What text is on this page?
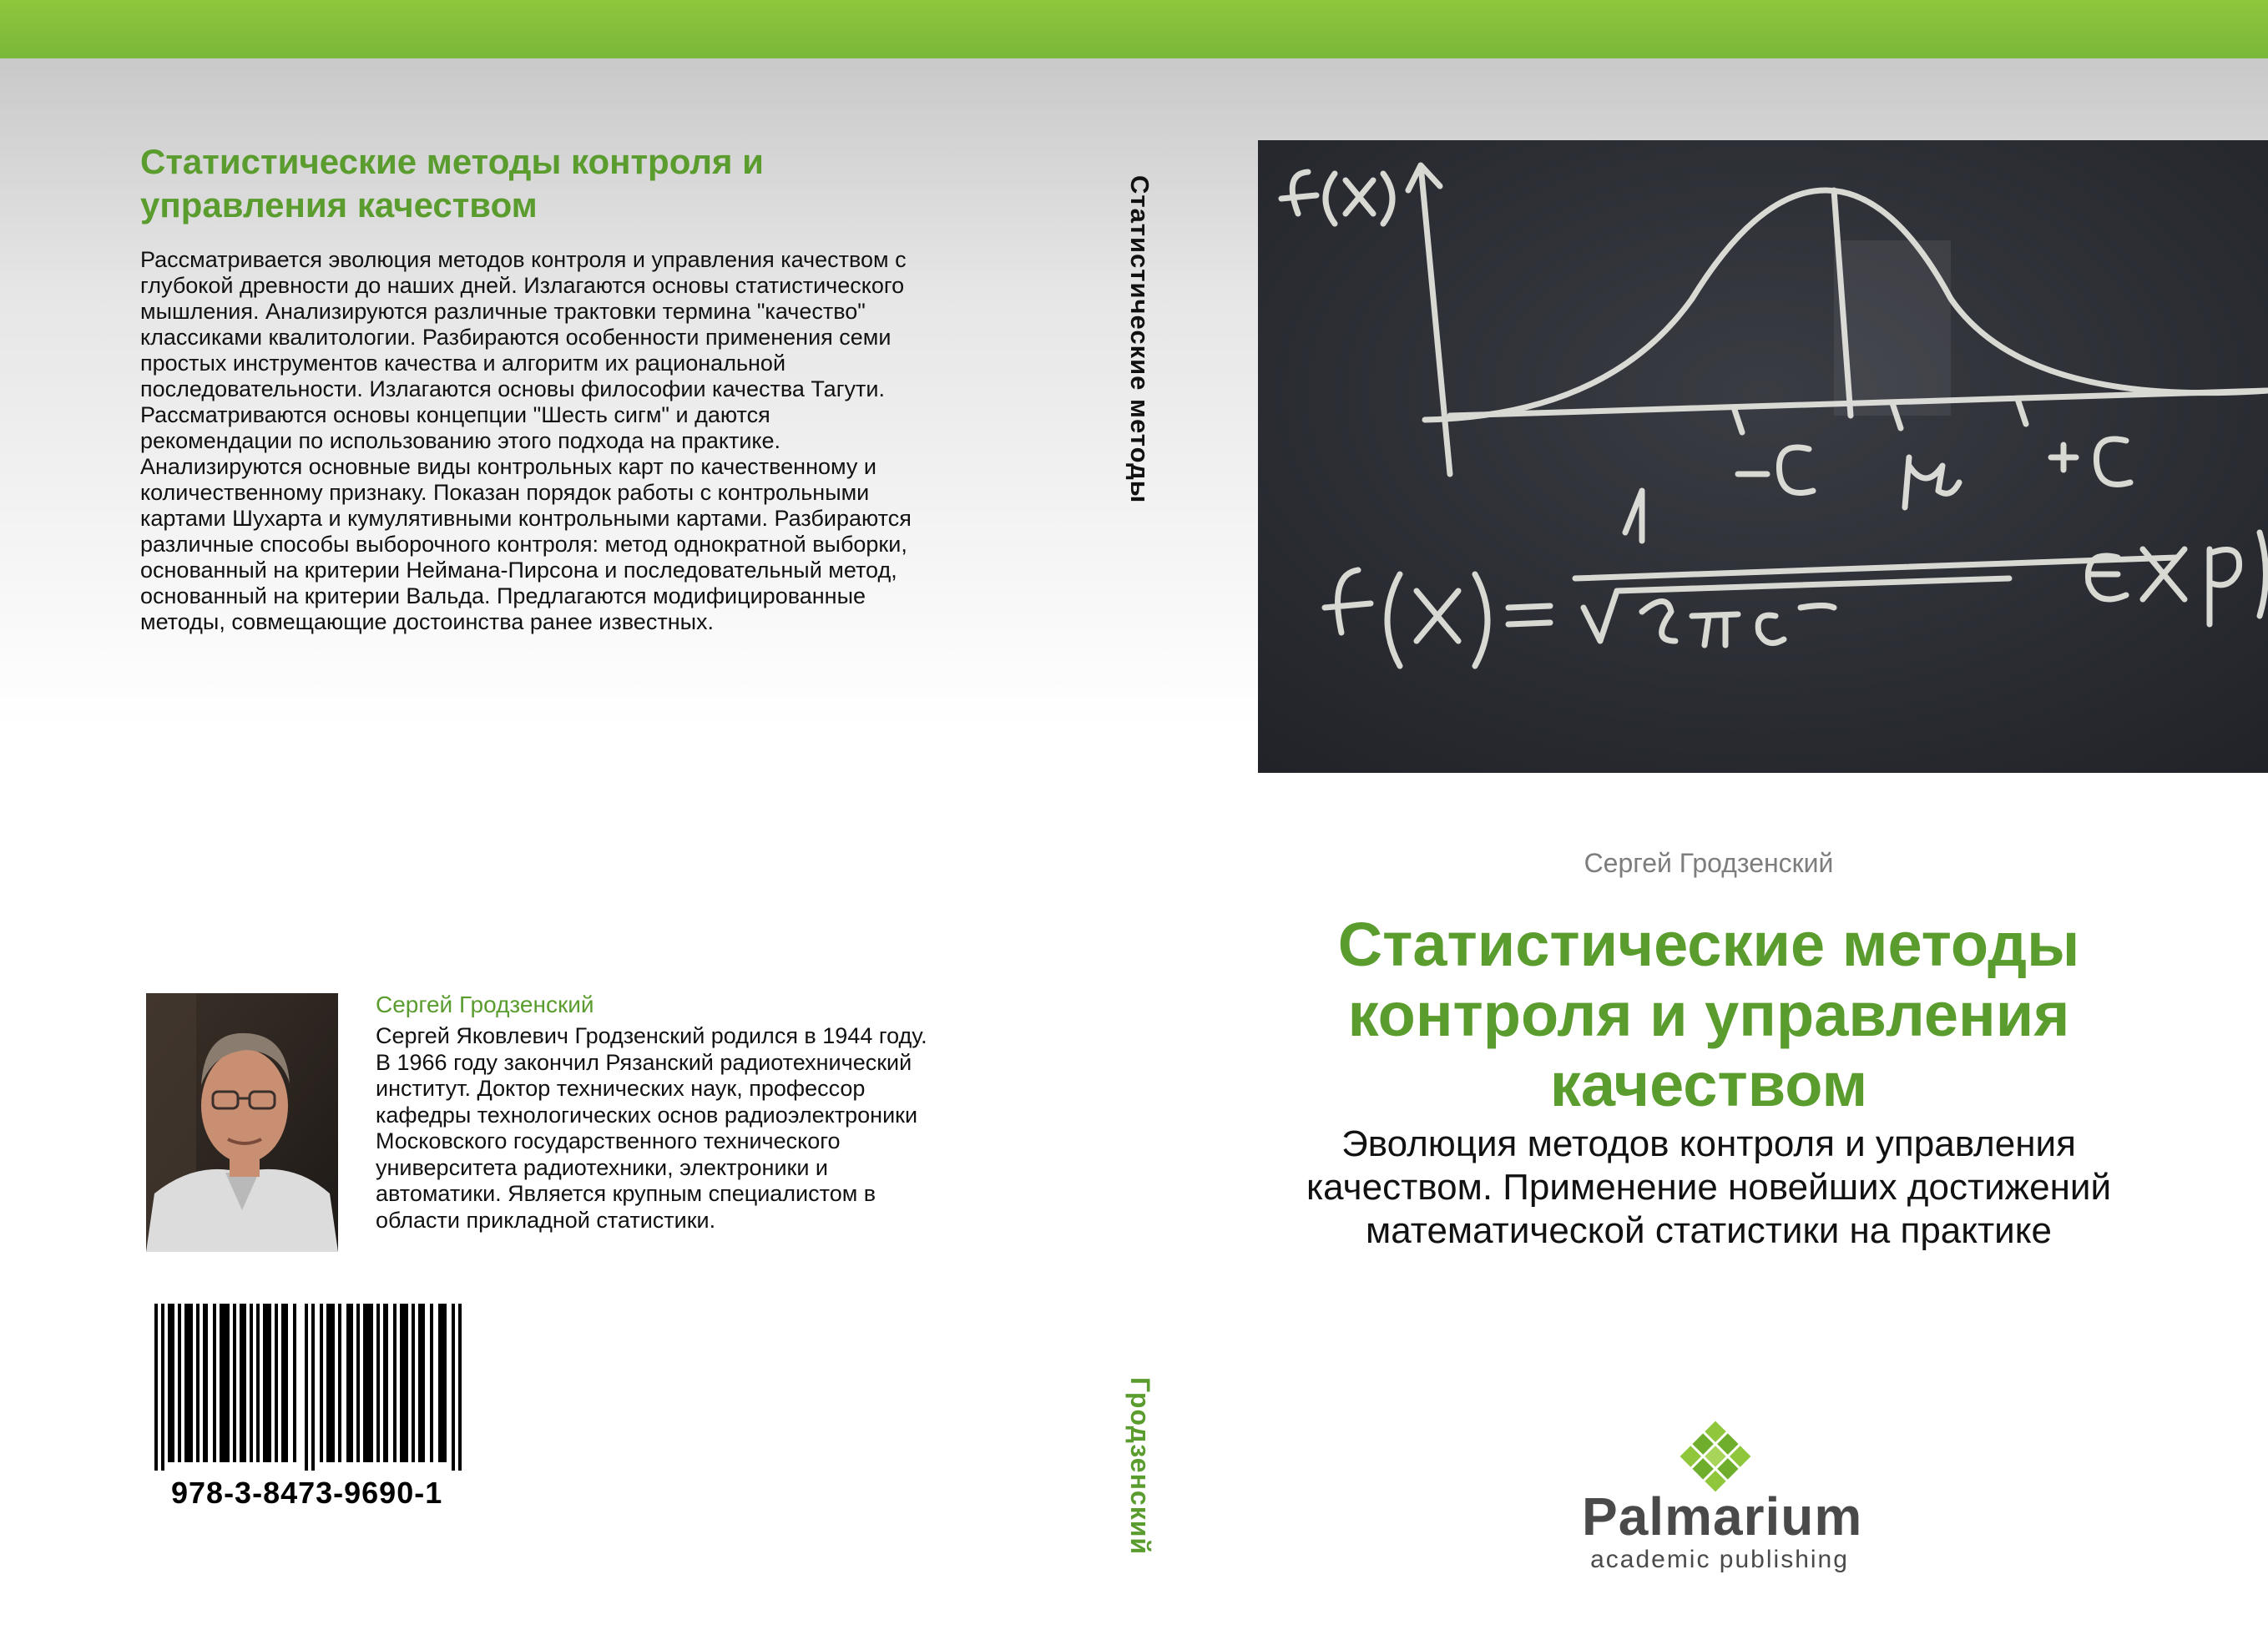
Статистические методы контроля и
управления качеством
Рассматривается эволюция методов контроля и управления качеством с
глубокой древности до наших дней. Излагаются основы статистического
мышления. Анализируются различные трактовки термина "качество"
классиками квалитологии. Разбираются особенности применения семи
простых инструментов качества и алгоритм их рациональной
последовательности. Излагаются основы философии качества Тагути.
Рассматриваются основы концепции "Шесть сигм" и даются
рекомендации по использованию этого подхода на практике.
Анализируются основные виды контрольных карт по качественному и
количественному признаку. Показан порядок работы с контрольными
картами Шухарта и кумулятивными контрольными картами. Разбираются
различные способы выборочного контроля: метод однократной выборки,
основанный на критерии Неймана-Пирсона и последовательный метод,
основанный на критерии Вальда. Предлагаются модифицированные
методы, совмещающие достоинства ранее известных.
Сергей Гродзенский
Сергей Яковлевич Гродзенский родился в 1944 году.
В 1966 году закончил Рязанский радиотехнический
институт. Доктор технических наук, профессор
кафедры технологических основ радиоэлектроники
Московского государственного технического
университета радиотехники, электроники и
автоматики. Является крупным специалистом в
области прикладной статистики.
978-3-8473-9690-1
Статистические методы
Гродзенский
Сергей Гродзенский
Статистические методы
контроля и управления
качеством
Эволюция методов контроля и управления
качеством. Применение новейших достижений
математической статистики на практике
Palmarium
academic publishing
